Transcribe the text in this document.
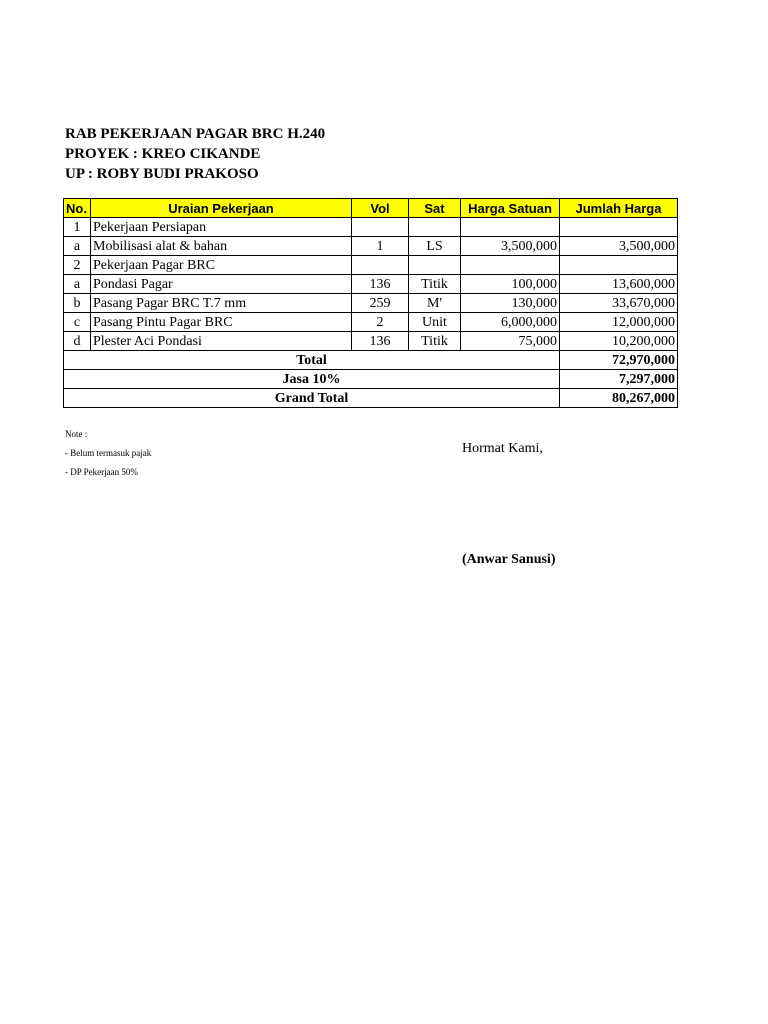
RAB PEKERJAAN PAGAR BRC H.240
PROYEK : KREO CIKANDE
UP : ROBY BUDI PRAKOSO
No.	Uraian Pekerjaan	Vol	Sat	Harga Satuan	Jumlah Harga
1	Pekerjaan Persiapan				
a	Mobilisasi alat & bahan	1	LS	3,500,000	3,500,000
2	Pekerjaan Pagar BRC				
a	Pondasi Pagar	136	Titik	100,000	13,600,000
b	Pasang Pagar BRC T.7 mm	259	M'	130,000	33,670,000
c	Pasang Pintu Pagar BRC	2	Unit	6,000,000	12,000,000
d	Plester Aci Pondasi	136	Titik	75,000	10,200,000
Total					72,970,000
Jasa 10%					7,297,000
Grand Total					80,267,000
Note :
- Belum termasuk pajak
- DP Pekerjaan 50%
Hormat Kami,
(Anwar Sanusi)
